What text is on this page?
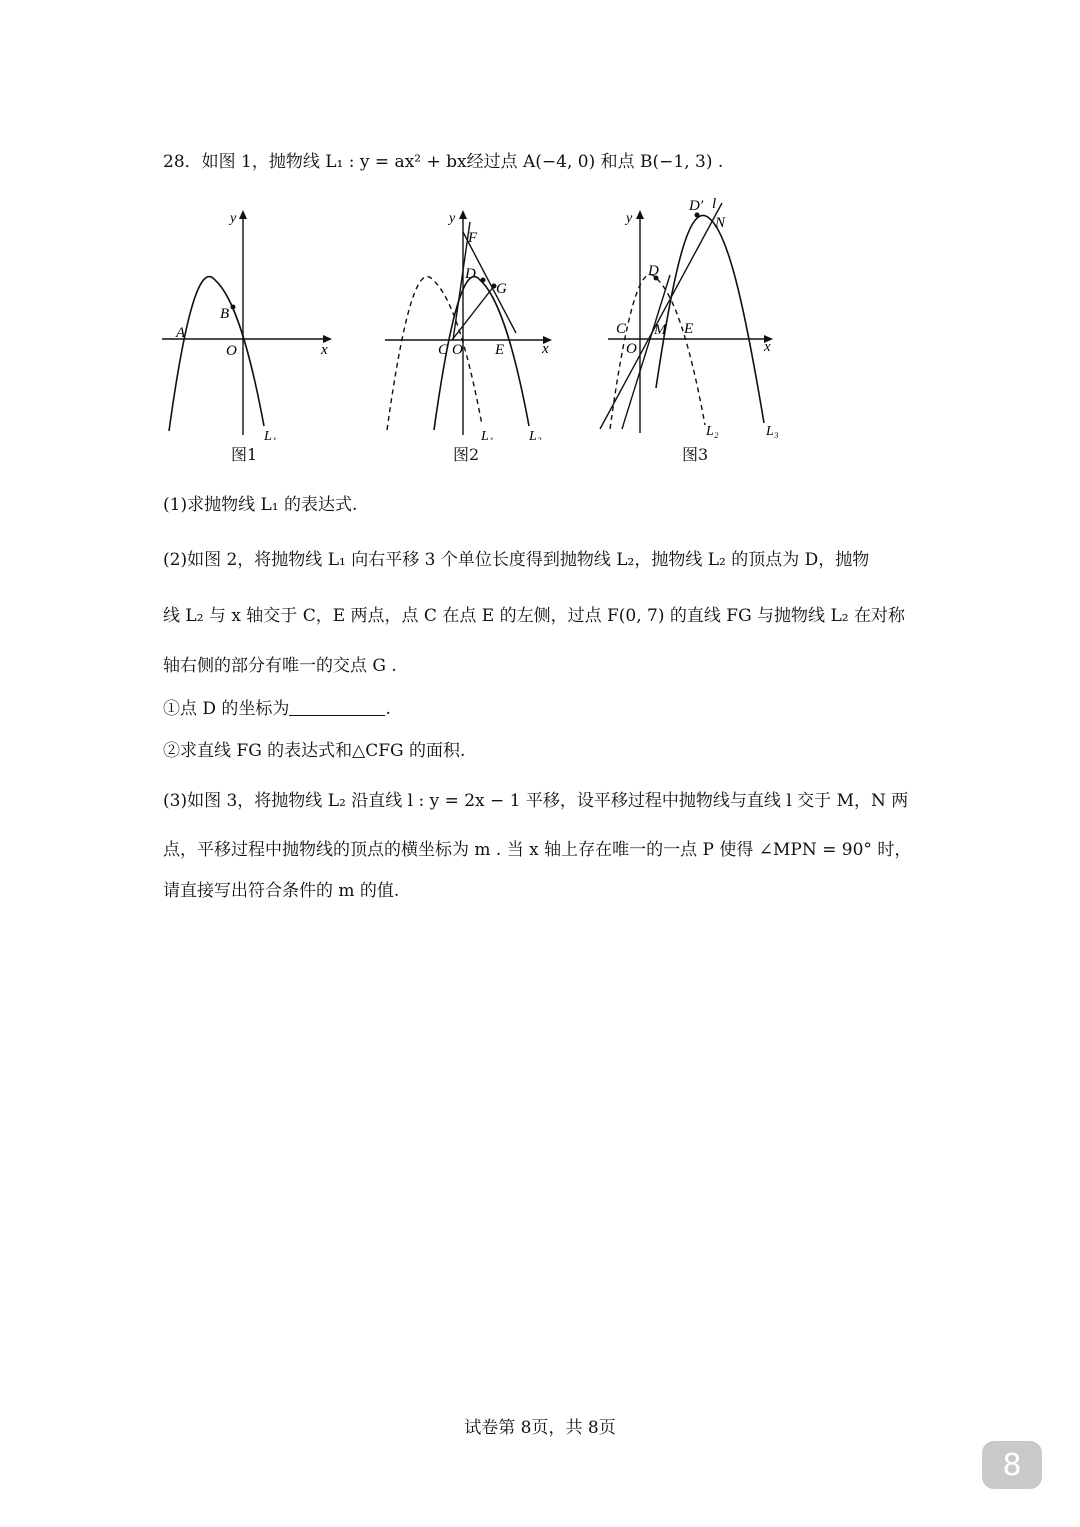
28．如图 1，抛物线 L₁ : y = ax² + bx经过点 A(−4, 0) 和点 B(−1, 3) .
y
x
A
B
O
L₁
图1
y
x
F
D
G
C O E
L₁	L₂
图2
y
x
D′ l
N
D
C M E
O
L₂	L₃
图3
(1)求抛物线 L₁ 的表达式.
(2)如图 2，将抛物线 L₁ 向右平移 3 个单位长度得到抛物线 L₂，抛物线 L₂ 的顶点为 D，抛物
线 L₂ 与 x 轴交于 C，E 两点，点 C 在点 E 的左侧，过点 F(0, 7) 的直线 FG 与抛物线 L₂ 在对称
轴右侧的部分有唯一的交点 G .
①点 D 的坐标为	.
②求直线 FG 的表达式和△CFG 的面积.
(3)如图 3，将抛物线 L₂ 沿直线 l : y = 2x − 1 平移，设平移过程中抛物线与直线 l 交于 M，N 两
点，平移过程中抛物线的顶点的横坐标为 m . 当 x 轴上存在唯一的一点 P 使得 ∠MPN = 90° 时，
请直接写出符合条件的 m 的值.
试卷第 8页，共 8页
8
